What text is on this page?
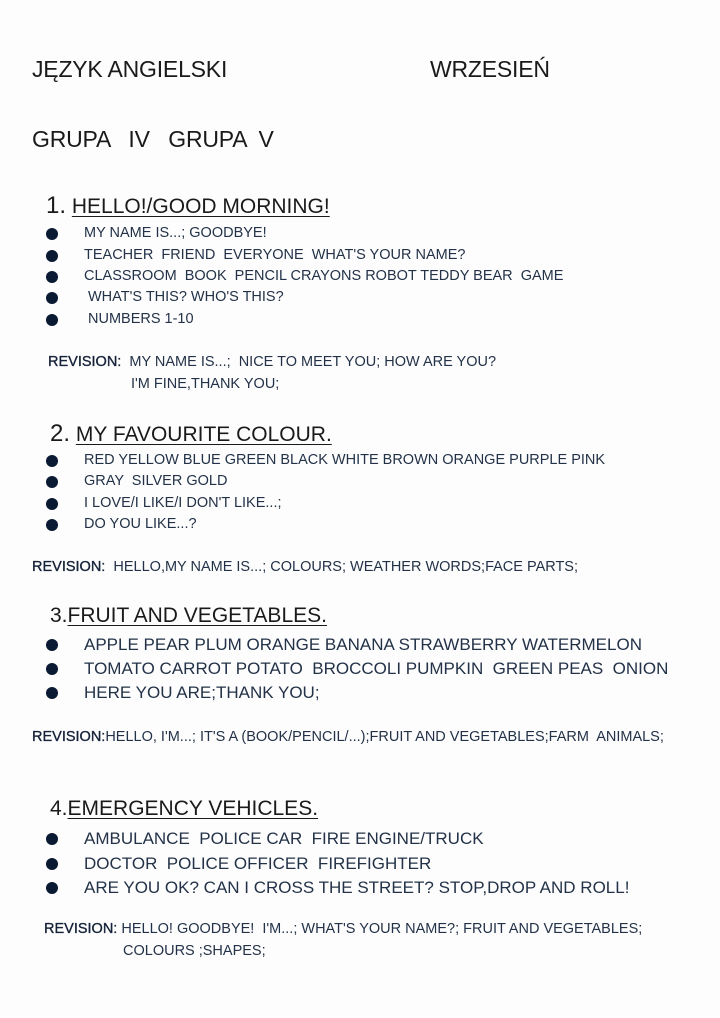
JĘZYK ANGIELSKI	WRZESIEŃ
GRUPA   IV   GRUPA  V
1. HELLO!/GOOD MORNING!
MY NAME IS...; GOODBYE!
TEACHER  FRIEND  EVERYONE  WHAT'S YOUR NAME?
CLASSROOM  BOOK  PENCIL CRAYONS ROBOT TEDDY BEAR  GAME
WHAT'S THIS? WHO'S THIS?
NUMBERS 1-10
REVISION: MY NAME IS...;  NICE TO MEET YOU; HOW ARE YOU?
I'M FINE,THANK YOU;
2. MY FAVOURITE COLOUR.
RED YELLOW BLUE GREEN BLACK WHITE BROWN ORANGE PURPLE PINK
GRAY  SILVER GOLD
I LOVE/I LIKE/I DON'T LIKE...;
DO YOU LIKE...?
REVISION: HELLO,MY NAME IS...; COLOURS; WEATHER WORDS;FACE PARTS;
3.FRUIT AND VEGETABLES.
APPLE PEAR PLUM ORANGE BANANA STRAWBERRY WATERMELON
TOMATO CARROT POTATO  BROCCOLI PUMPKIN  GREEN PEAS  ONION
HERE YOU ARE;THANK YOU;
REVISION:HELLO, I'M...; IT'S A (BOOK/PENCIL/...);FRUIT AND VEGETABLES;FARM  ANIMALS;
4.EMERGENCY VEHICLES.
AMBULANCE  POLICE CAR  FIRE ENGINE/TRUCK
DOCTOR  POLICE OFFICER  FIREFIGHTER
ARE YOU OK? CAN I CROSS THE STREET? STOP,DROP AND ROLL!
REVISION: HELLO! GOODBYE!  I'M...; WHAT'S YOUR NAME?; FRUIT AND VEGETABLES;
COLOURS ;SHAPES;
